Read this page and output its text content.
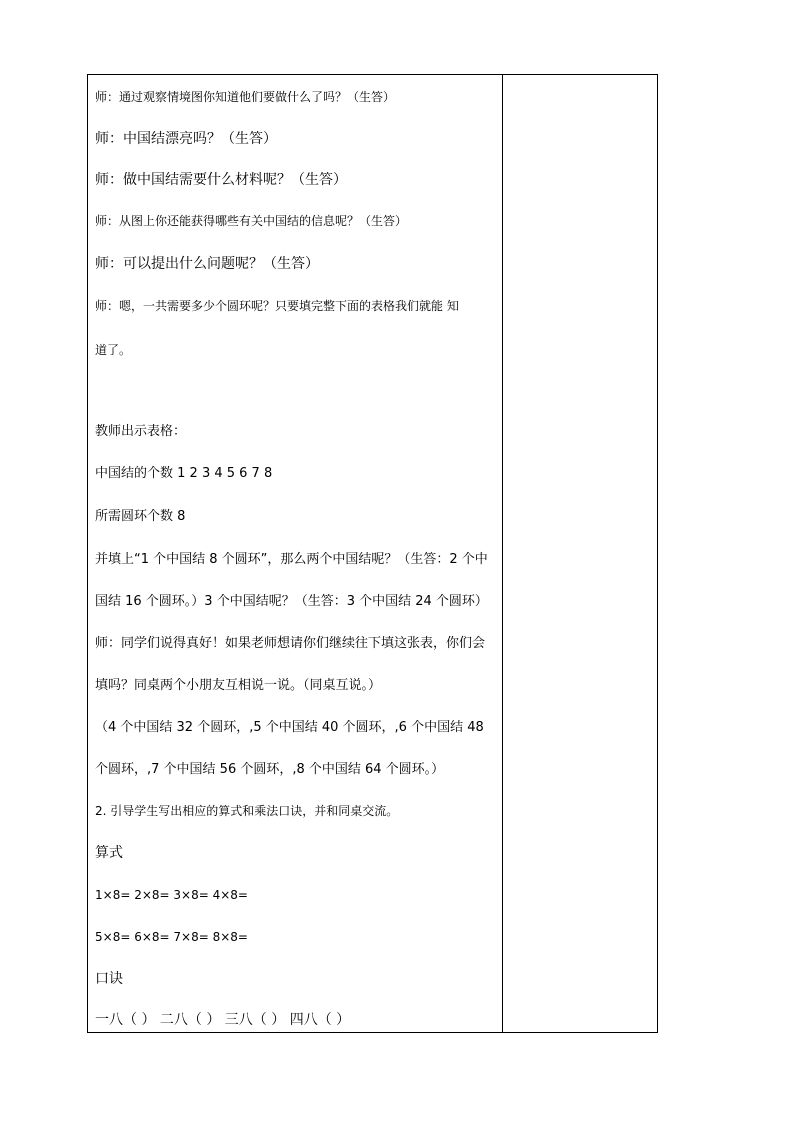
师：通过观察情境图你知道他们要做什么了吗？（生答）
师：中国结漂亮吗？（生答）
师：做中国结需要什么材料呢？（生答）
师：从图上你还能获得哪些有关中国结的信息呢？（生答）
师：可以提出什么问题呢？（生答）
师：嗯，一共需要多少个圆环呢？只要填完整下面的表格我们就能 知
道了。
教师出示表格：
中国结的个数 1 2 3 4 5 6 7 8
所需圆环个数 8
并填上“1 个中国结 8 个圆环”，那么两个中国结呢？（生答：2 个中
国结 16 个圆环。）3 个中国结呢？（生答：3 个中国结 24 个圆环）
师：同学们说得真好！如果老师想请你们继续往下填这张表，你们会
填吗？同桌两个小朋友互相说一说。（同桌互说。）
（4 个中国结 32 个圆环，,5 个中国结 40 个圆环，,6 个中国结 48
个圆环，,7 个中国结 56 个圆环，,8 个中国结 64 个圆环。）
2. 引导学生写出相应的算式和乘法口诀，并和同桌交流。
算式
1×8= 2×8= 3×8= 4×8=
5×8= 6×8= 7×8= 8×8=
口诀
一八（ ） 二八（ ） 三八（ ） 四八（ ）
